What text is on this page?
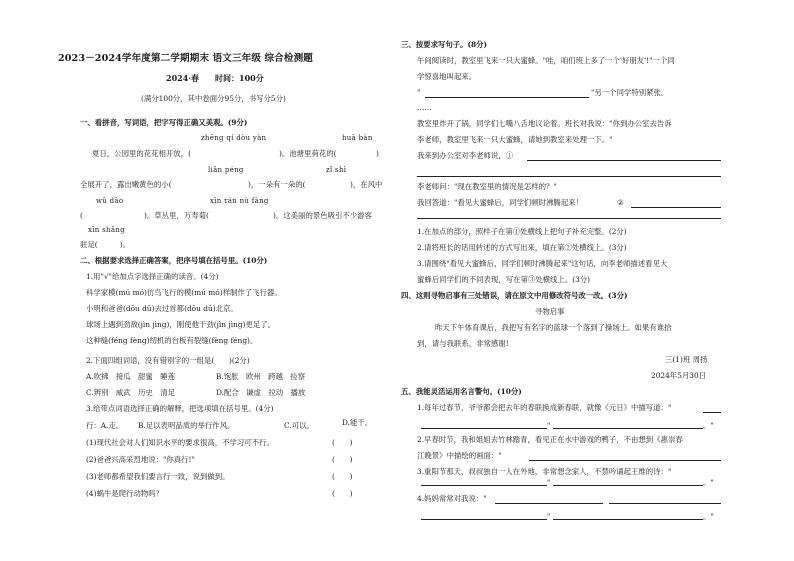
2023－2024学年度第二学期期末 语文三年级 综合检测题
2024·春　　时间：100分
(满分100分，其中卷面分95分，书写分5分)
一、看拼音，写词语，把字写得正确又美观。(9分)
zhēng qí dòu yàn	huā bàn
夏日，公园里的花花相开放，(	)。池塘里荷花的(	)
liǎn péng	zǐ shì
全展开了，露出嫩黄色的小(	)，一朵有一朵的(	)，在风中
wǔ dǎo	xīn rán nù fàng
(	)。草丛里，万寿菊(	)。这美丽的景色吸引不少游客
xīn shǎng
驻足(　　　)。
二、根据要求选择正确答案，把序号填在括号里。(10分)
1.用"√"给加点字选择正确的读音。(4分)
科学家模(mú mó)仿鸟飞行的模(mú mó)样制作了飞行器。
小明和爸爸(dōu dū)去过首都(dōu dū)北京。
球场上遇到劲敌(jìn jìng)，刚使他干劲(jìn jìng)更足了。
这种缝(féng fèng)纫机的台板有裂缝(fèng féng)。
2.下面四组词语，没有错别字的一组是(　　)(2分)
A.吹拂　接瓜　甜蜜　睡莲	B.饱胀　欧州　跨越　捡察
C.辨别　威武　历史　清足	D.配合　谦虚　拉动　播放
3.给带点词语选择正确的解释，把选项填在括号里。(4分)
行：A.走。 B.足以表明品质的举行作风。	C.可以。	D.能干。
(1)现代社会对人们知识水平的要求很高，不学习可不行。	(　　)
(2)爸爸兴高采烈地说："你真行!"	(　　)
(3)老师都希望我们要言行一致，说到做到。	(　　)
(4)蜗牛是爬行动物吗？	(　　)
三、按要求写句子。(8分)
午间阅读时，教室里飞来一只大蜜蜂。"哇，咱们班上多了一个'好朋友'!"一个同
学惊喜地叫起来。
"	"另一个同学特别紧张。
……
教室里炸开了锅，同学们七嘴八舌地议论着。班长对我说："你到办公室去告诉
李老师，教室里飞来一只大蜜蜂，请她到教室来处理一下。"
我来到办公室对李老师说，①
李老师问："现在教室里的情况是怎样的？"
我回答道："看见大蜜蜂后，同学们顿时沸腾起来！	②
1.在加点的部分，照样子在第①处横线上把句子补充完整。(2分)
2.请将班长的话用转述的方式写出来，填在第②处横线上。(3分)
3.请围绕"看见大蜜蜂后，同学们顿时沸腾起来"这句话，向李老师描述看见大
蜜蜂后同学们的不同表现，写在第③处横线上。(3分)
四、这则寻物启事有三处错误，请在原文中用修改符号改一改。(3分)
寻物启事
昨天下午体育课后，我把写有名字的蓝球一个落到了操场上。如果有谁拾
到，请与我联系，非常感谢!
三(1)班 周扬
2024年5月30日
五、我能灵活运用名言警句。(10分)
1.每年过春节，爷爷都会把去年的春联换成新春联，就像《元日》中描写道："
"	。"
2.早春时节，我和姐姐去竹林踏青，看见正在水中游戏的鸭子，不由想到《惠崇春
江晚景》中描绘的画面："
3.重阳节那天，叔叔独自一人在外地，非常想念家人，不禁吟诵起王维的诗："
"	。"
4.妈妈常常对我说："
"	。"
